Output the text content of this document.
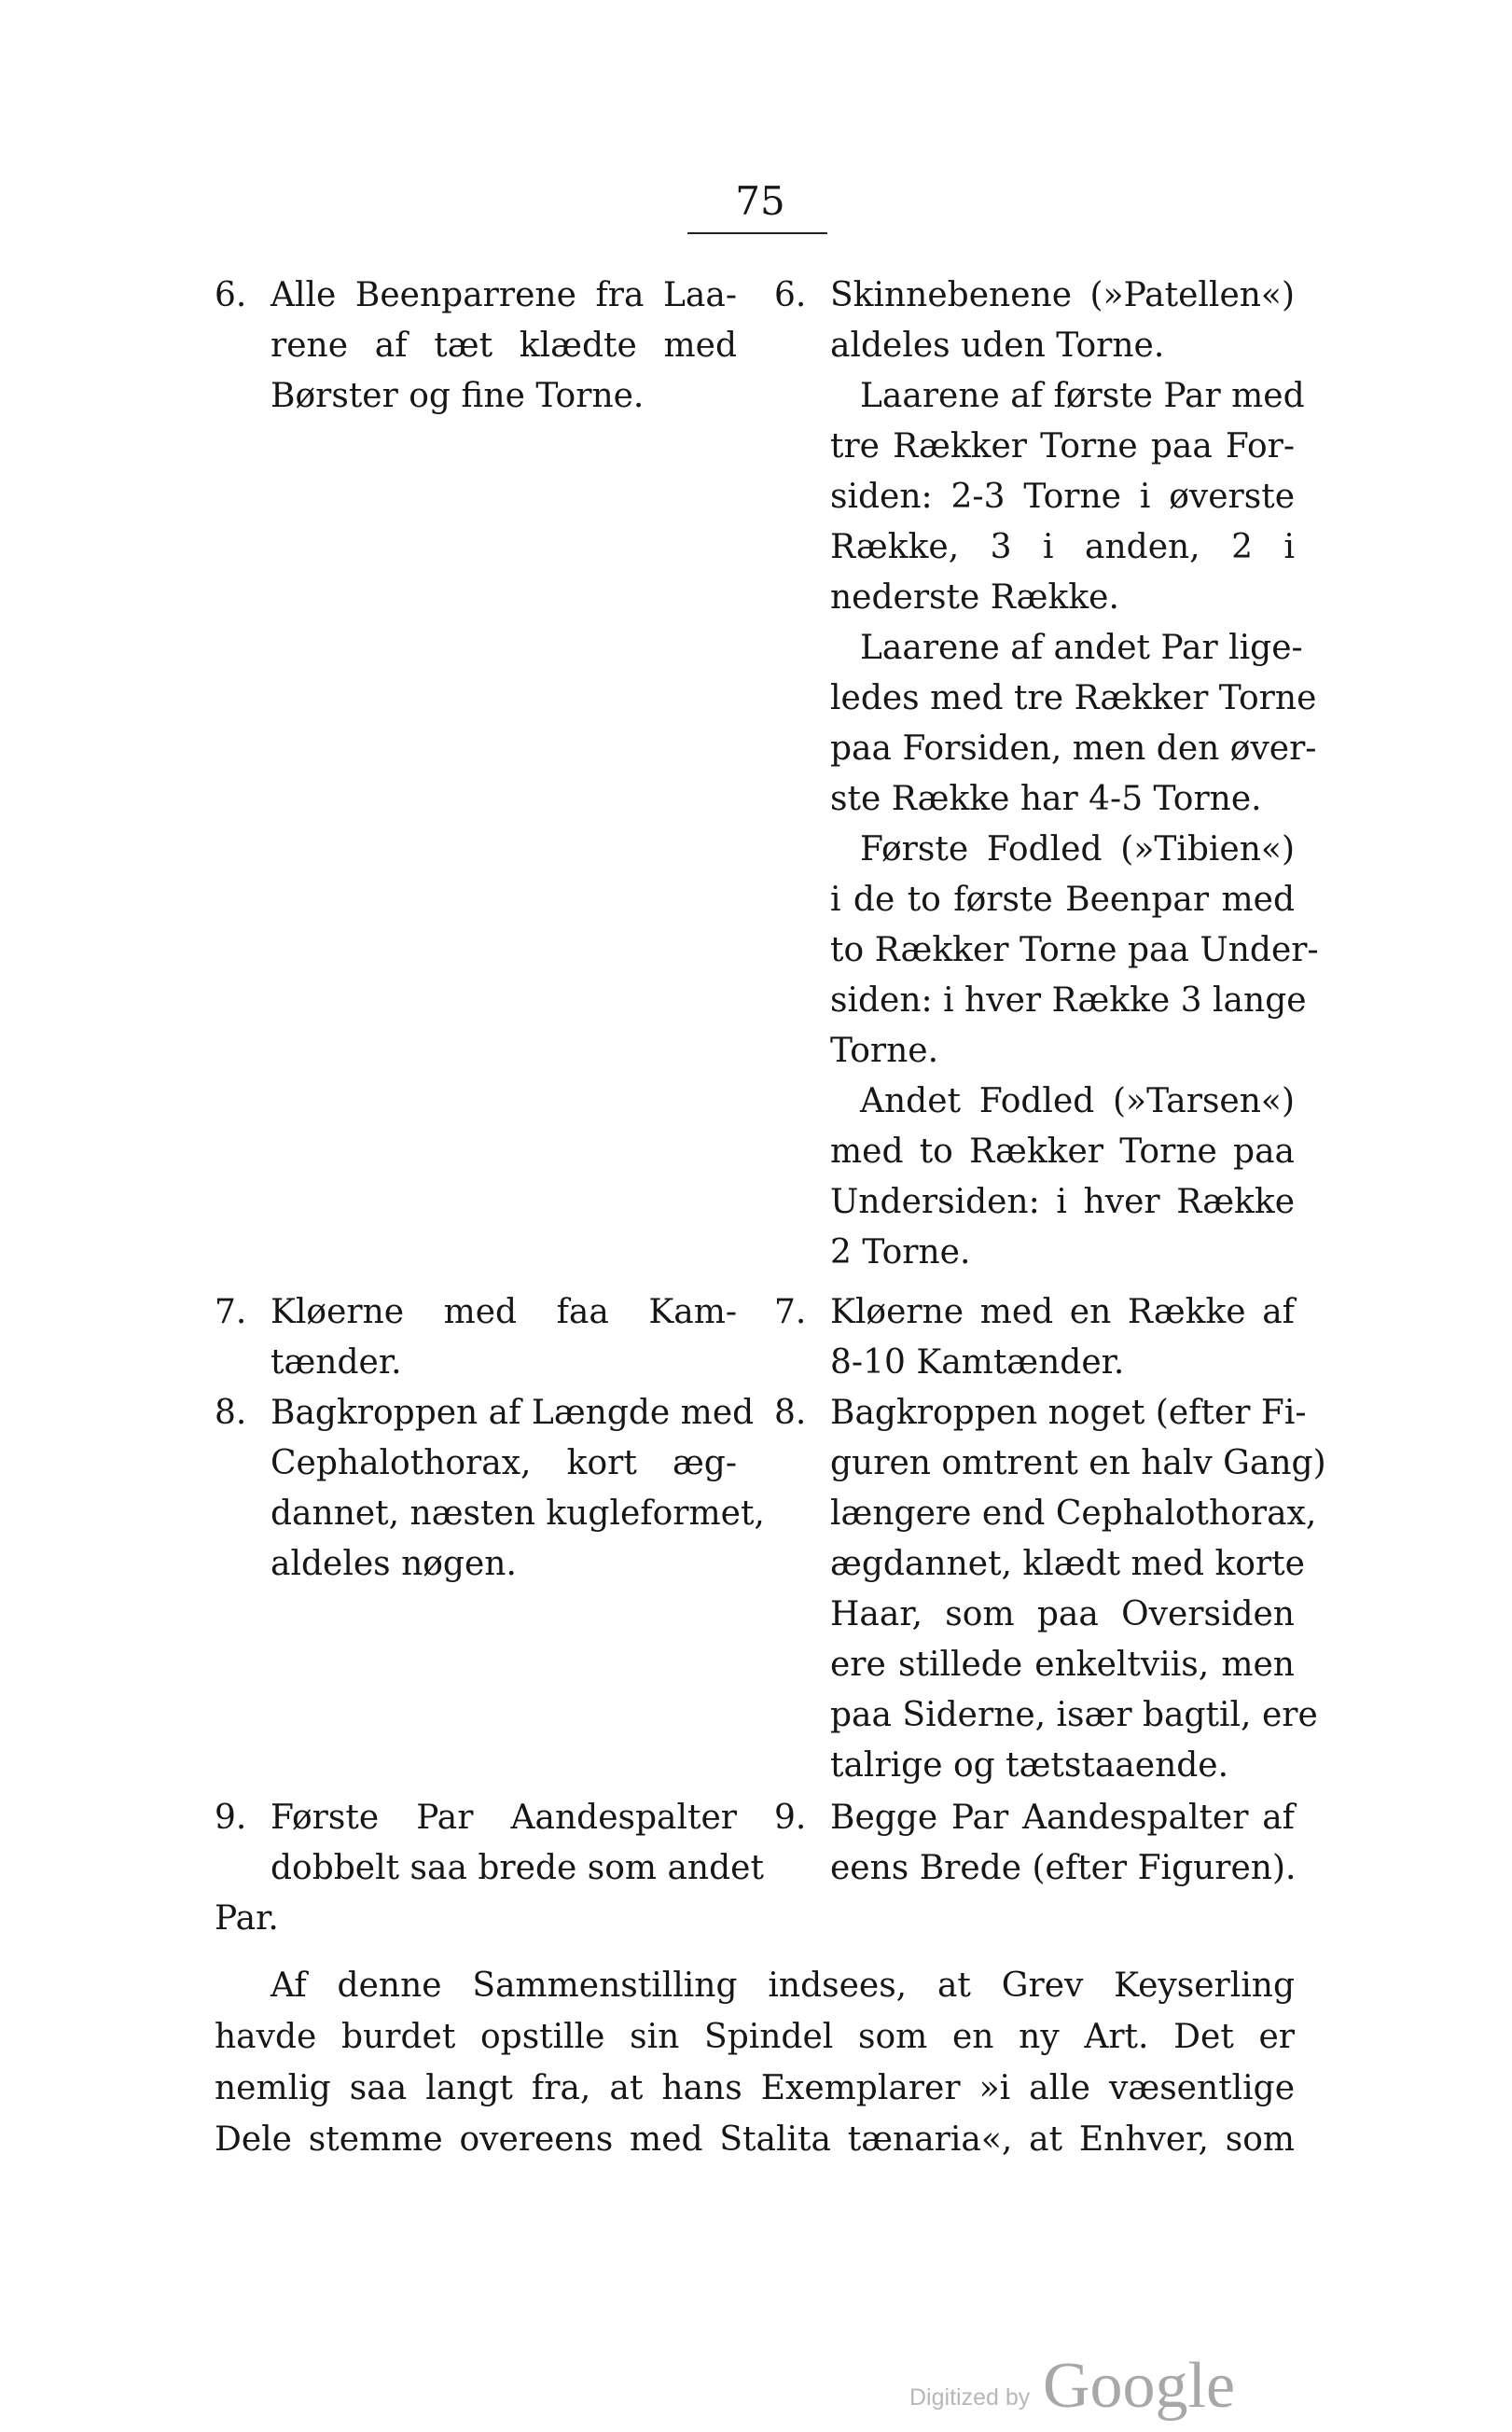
75
6. Alle Beenparrene fra Laa-
rene af tæt klædte med
Børster og fine Torne.
7. Kløerne med faa Kam-
tænder.
8. Bagkroppen af Længde med
Cephalothorax, kort æg-
dannet, næsten kugleformet,
aldeles nøgen.
9. Første Par Aandespalter
dobbelt saa brede som andet
Par.
6. Skinnebenene (»Patellen«)
aldeles uden Torne.
Laarene af første Par med
tre Rækker Torne paa For-
siden: 2-3 Torne i øverste
Række, 3 i anden, 2 i
nederste Række.
Laarene af andet Par lige-
ledes med tre Rækker Torne
paa Forsiden, men den øver-
ste Række har 4-5 Torne.
Første Fodled (»Tibien«)
i de to første Beenpar med
to Rækker Torne paa Under-
siden: i hver Række 3 lange
Torne.
Andet Fodled (»Tarsen«)
med to Rækker Torne paa
Undersiden: i hver Række
2 Torne.
7. Kløerne med en Række af
8-10 Kamtænder.
8. Bagkroppen noget (efter Fi-
guren omtrent en halv Gang)
længere end Cephalothorax,
ægdannet, klædt med korte
Haar, som paa Oversiden
ere stillede enkeltviis, men
paa Siderne, især bagtil, ere
talrige og tætstaaende.
9. Begge Par Aandespalter af
eens Brede (efter Figuren).
Af denne Sammenstilling indsees, at Grev Keyserling
havde burdet opstille sin Spindel som en ny Art. Det er
nemlig saa langt fra, at hans Exemplarer »i alle væsentlige
Dele stemme overeens med Stalita tænaria«, at Enhver, som
Digitized by Google
